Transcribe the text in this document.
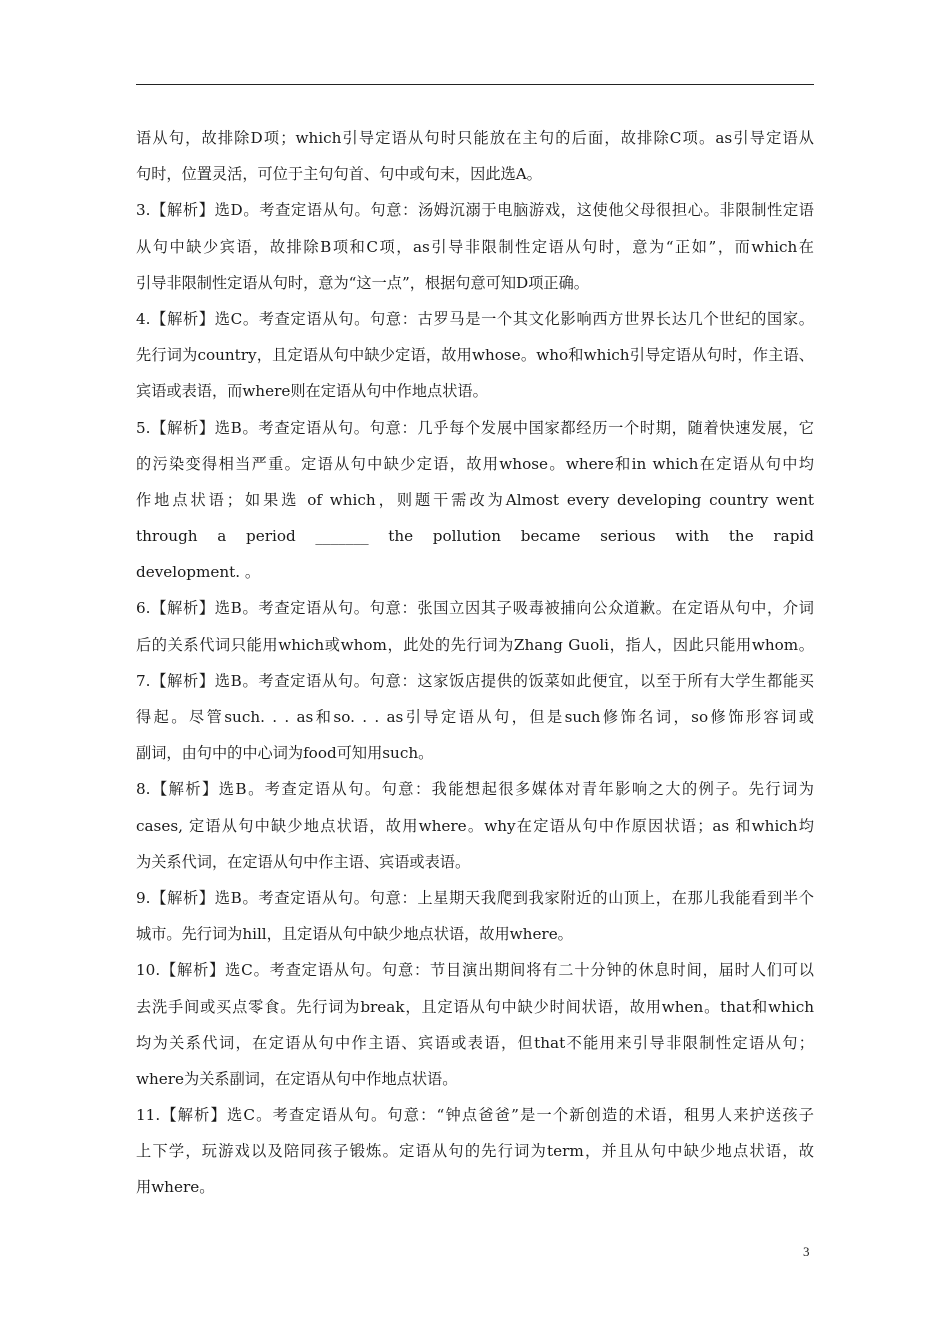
语从句，故排除D项；which引导定语从句时只能放在主句的后面，故排除C项。as引导定语从
句时，位置灵活，可位于主句句首、句中或句末，因此选A。
3.【解析】选D。考查定语从句。句意：汤姆沉溺于电脑游戏，这使他父母很担心。非限制性定语
从句中缺少宾语，故排除B项和C项，as引导非限制性定语从句时，意为“正如”，而which在
引导非限制性定语从句时，意为“这一点”，根据句意可知D项正确。
4.【解析】选C。考查定语从句。句意：古罗马是一个其文化影响西方世界长达几个世纪的国家。
先行词为country，且定语从句中缺少定语，故用whose。who和which引导定语从句时，作主语、
宾语或表语，而where则在定语从句中作地点状语。
5.【解析】选B。考查定语从句。句意：几乎每个发展中国家都经历一个时期，随着快速发展，它
的污染变得相当严重。定语从句中缺少定语，故用whose。where和in which在定语从句中均
作地点状语；如果选 of which，则题干需改为Almost every developing country went
through a period _______ the pollution became serious with the rapid
development. 。
6.【解析】选B。考查定语从句。句意：张国立因其子吸毒被捕向公众道歉。在定语从句中，介词
后的关系代词只能用which或whom，此处的先行词为Zhang Guoli，指人，因此只能用whom。
7.【解析】选B。考查定语从句。句意：这家饭店提供的饭菜如此便宜，以至于所有大学生都能买
得起。尽管such. . . as和so. . . as引导定语从句，但是such修饰名词，so修饰形容词或
副词，由句中的中心词为food可知用such。
8.【解析】选B。考查定语从句。句意：我能想起很多媒体对青年影响之大的例子。先行词为
cases, 定语从句中缺少地点状语，故用where。why在定语从句中作原因状语；as 和which均
为关系代词，在定语从句中作主语、宾语或表语。
9.【解析】选B。考查定语从句。句意：上星期天我爬到我家附近的山顶上，在那儿我能看到半个
城市。先行词为hill，且定语从句中缺少地点状语，故用where。
10.【解析】选C。考查定语从句。句意：节目演出期间将有二十分钟的休息时间，届时人们可以
去洗手间或买点零食。先行词为break，且定语从句中缺少时间状语，故用when。that和which
均为关系代词，在定语从句中作主语、宾语或表语，但that不能用来引导非限制性定语从句；
where为关系副词，在定语从句中作地点状语。
11.【解析】选C。考查定语从句。句意：“钟点爸爸”是一个新创造的术语，租男人来护送孩子
上下学，玩游戏以及陪同孩子锻炼。定语从句的先行词为term，并且从句中缺少地点状语，故
用where。
3
